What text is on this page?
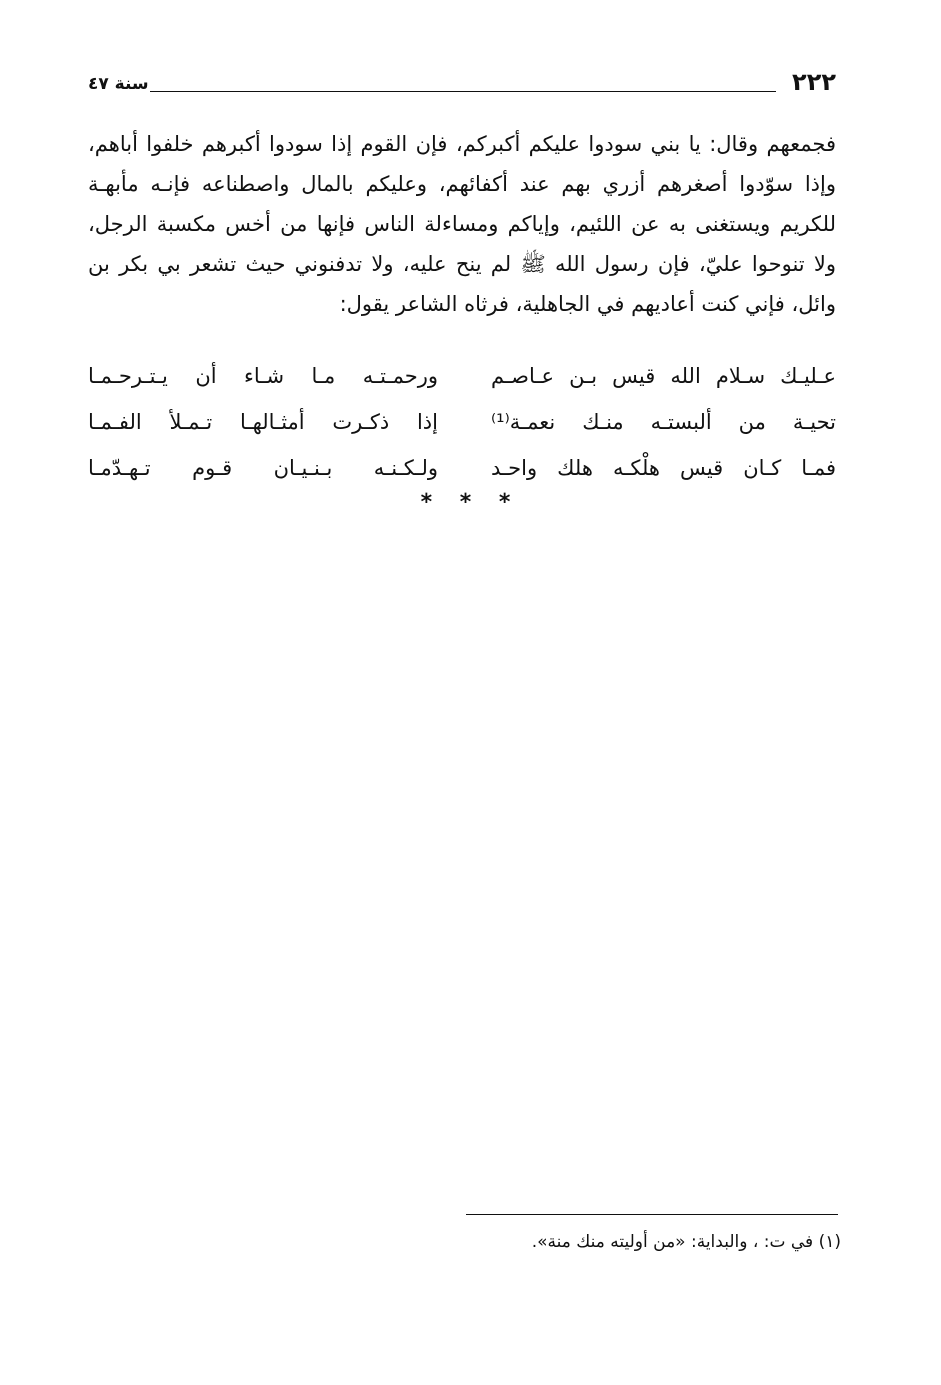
٢٢٢
سنة ٤٧
فجمعهم وقال: يا بني سودوا عليكم أكبركم، فإن القوم إذا سودوا أكبرهم خلفوا أباهم،
وإذا سوّدوا أصغرهم أزري بهم عند أكفائهم، وعليكم بالمال واصطناعه فإنـه مأبهـة
للكريم ويستغنى به عن اللئيم، وإياكم ومساءلة الناس فإنها من أخس مكسبة الرجل،
ولا تنوحوا عليّ، فإن رسول الله ﷺ لم ينح عليه، ولا تدفنوني حيث تشعر بي بكر بن
وائل، فإني كنت أعاديهم في الجاهلية، فرثاه الشاعر يقول:
عـليـك سـلام الله قيس بـن عـاصـم
ورحمـتـه مـا شـاء أن يـتـرحـمـا
تحيـة من ألبستـه منـك نعمـة⁽¹⁾
إذا ذكـرت أمثـالهـا تـمـلأ الفـمـا
فمـا كـان قيس هلْكـه هلك واحـد
ولـكـنـه بـنـيـان قـوم تـهـدّمـا
* * *
(١) في ت: ، والبداية: «من أوليته منك منة».
